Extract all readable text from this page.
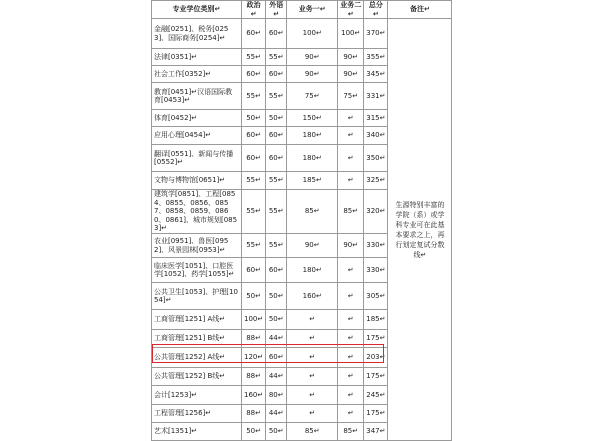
专业学位类别↵	政治↵	外语↵	业务一↵	业务二↵	总分↵	备注↵
金融[0251]、税务[0253]、国际商务[0254]↵	60↵	60↵	100↵	100↵	370↵	生源特别丰富的学院（系）或学科专业可在此基本要求之上，再行划定复试分数线↵
法律[0351]↵	55↵	55↵	90↵	90↵	355↵	
社会工作[0352]↵	60↵	60↵	90↵	90↵	345↵	
教育[0451]↵汉语国际教育[0453]↵	55↵	55↵	75↵	75↵	331↵	
体育[0452]↵	50↵	50↵	150↵	↵	315↵	
应用心理[0454]↵	60↵	60↵	180↵	↵	340↵	
翻译[0551]、新闻与传播[0552]↵	60↵	60↵	180↵	↵	350↵	
文物与博物馆[0651]↵	55↵	55↵	185↵	↵	325↵	
建筑学[0851]、工程[0854、0855、0856、0857、0858、0859、0860、0861]、城市规划[0853]↵	55↵	55↵	85↵	85↵	320↵	
农业[0951]、兽医[0952]、风景园林[0953]↵	55↵	55↵	90↵	90↵	330↵	
临床医学[1051]、口腔医学[1052]、药学[1055]↵	60↵	60↵	180↵	↵	330↵	
公共卫生[1053]、护理[1054]↵	50↵	50↵	160↵	↵	305↵	
工商管理[1251] A线↵	100↵	50↵	↵	↵	185↵	
工商管理[1251] B线↵	88↵	44↵	↵	↵	175↵	
公共管理[1252] A线↵	120↵	60↵	↵	↵	203↵	
公共管理[1252] B线↵	88↵	44↵	↵	↵	175↵	
会计[1253]↵	160↵	80↵	↵	↵	245↵	
工程管理[1256]↵	88↵	44↵	↵	↵	175↵	
艺术[1351]↵	50↵	50↵	85↵	85↵	347↵	
